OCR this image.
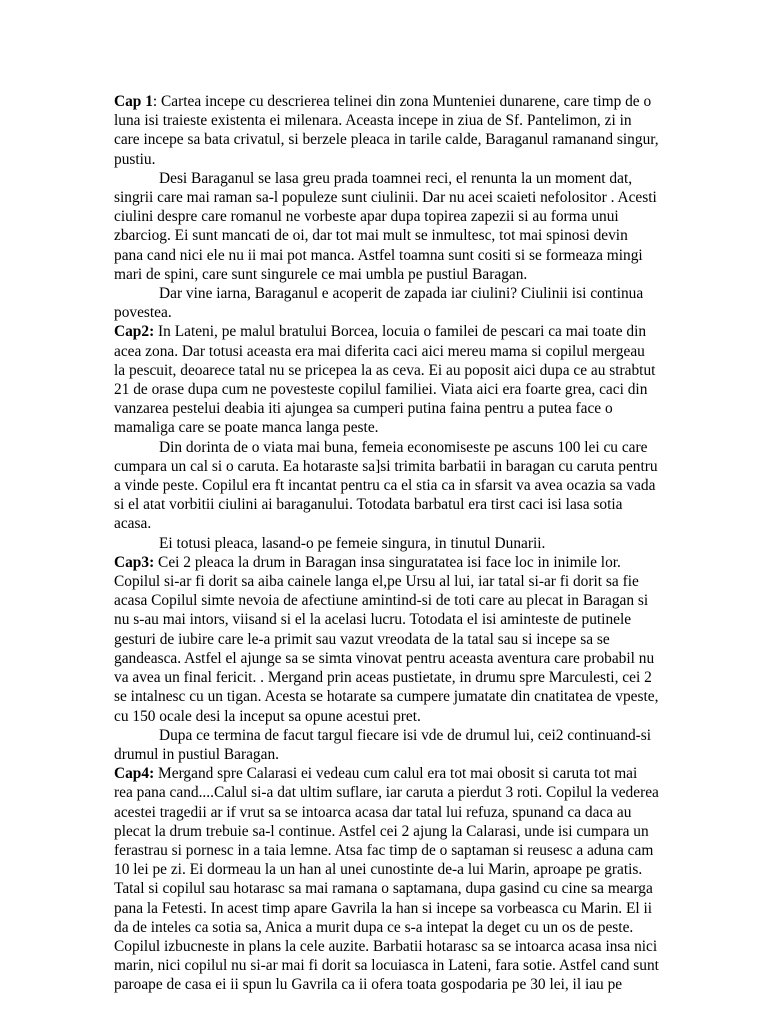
Cap 1: Cartea incepe cu descrierea telinei din zona Munteniei dunarene, care timp de o luna isi traieste existenta ei milenara. Aceasta incepe in ziua de Sf. Pantelimon, zi in care incepe sa bata crivatul, si berzele pleaca in tarile calde, Baraganul ramanand singur, pustiu.

Desi Baraganul se lasa greu prada toamnei reci, el renunta la un moment dat, singrii care mai raman sa-l populeze sunt ciulinii. Dar nu acei scaieti nefolositor . Acesti ciulini despre care romanul ne vorbeste apar dupa topirea zapezii si au forma unui zbarciog. Ei sunt mancati de oi, dar tot mai mult se inmultesc, tot mai spinosi devin pana cand nici ele nu ii mai pot manca. Astfel toamna sunt cositi si se formeaza mingi mari de spini, care sunt singurele ce mai umbla pe pustiul Baragan.

Dar vine iarna, Baraganul e acoperit de zapada iar ciulini? Ciulinii isi continua povestea.

Cap2: In Lateni, pe malul bratului Borcea, locuia o familei de pescari ca mai toate din acea zona. Dar totusi aceasta era mai diferita caci aici mereu mama si copilul mergeau la pescuit, deoarece tatal nu se pricepea la as ceva. Ei au poposit aici dupa ce au strabtut 21 de orase dupa cum ne povesteste copilul familiei. Viata aici era foarte grea, caci din vanzarea pestelui deabia iti ajungea sa cumperi putina faina pentru a putea face o mamaliga care se poate manca langa peste.

Din dorinta de o viata mai buna, femeia economiseste pe ascuns 100 lei cu care cumpara un cal si o caruta. Ea hotaraste sa]si trimita barbatii in baragan cu caruta pentru a vinde peste. Copilul era ft incantat pentru ca el stia ca in sfarsit va avea ocazia sa vada si el atat vorbitii ciulini ai baraganului. Totodata barbatul era tirst caci isi lasa sotia acasa.

Ei totusi pleaca, lasand-o pe femeie singura, in tinutul Dunarii.

Cap3: Cei 2 pleaca la drum in Baragan insa singuratatea isi face loc in inimile lor. Copilul si-ar fi dorit sa aiba cainele langa el,pe Ursu al lui, iar tatal si-ar fi dorit sa fie acasa Copilul simte nevoia de afectiune amintind-si de toti care au plecat in Baragan si nu s-au mai intors, viisand si el la acelasi lucru. Totodata el isi aminteste de putinele gesturi de iubire care le-a primit sau vazut vreodata de la tatal sau si incepe sa se gandeasca. Astfel el ajunge sa se simta vinovat pentru aceasta aventura care probabil nu va avea un final fericit. . Mergand prin aceas pustietate, in drumu spre Marculesti, cei 2 se intalnesc cu un tigan. Acesta se hotarate sa cumpere jumatate din cnatitatea de vpeste, cu 150 ocale desi la inceput sa opune acestui pret.

Dupa ce termina de facut targul fiecare isi vde de drumul lui, cei2 continuand-si drumul in pustiul Baragan.

Cap4: Mergand spre Calarasi ei vedeau cum calul era tot mai obosit si caruta tot mai rea pana cand....Calul si-a dat ultim suflare, iar caruta a pierdut 3 roti. Copilul la vederea acestei tragedii ar if vrut sa se intoarca acasa dar tatal lui refuza, spunand ca daca au plecat la drum trebuie sa-l continue. Astfel cei 2 ajung la Calarasi, unde isi cumpara un ferastrau si pornesc in a taia lemne. Atsa fac timp de o saptaman si reusesc a aduna cam 10 lei pe zi. Ei dormeau la un han al unei cunostinte de-a lui Marin, aproape pe gratis. Tatal si copilul sau hotarasc sa mai ramana o saptamana, dupa gasind cu cine sa mearga pana la Fetesti. In acest timp apare Gavrila la han si incepe sa vorbeasca cu Marin. El ii da de inteles ca sotia sa, Anica a murit dupa ce s-a intepat la deget cu un os de peste. Copilul izbucneste in plans la cele auzite. Barbatii hotarasc sa se intoarca acasa insa nici marin, nici copilul nu si-ar mai fi dorit sa locuiasca in Lateni, fara sotie. Astfel cand sunt paroape de casa ei ii spun lu Gavrila ca ii ofera toata gospodaria pe 30 lei, il iau pe
